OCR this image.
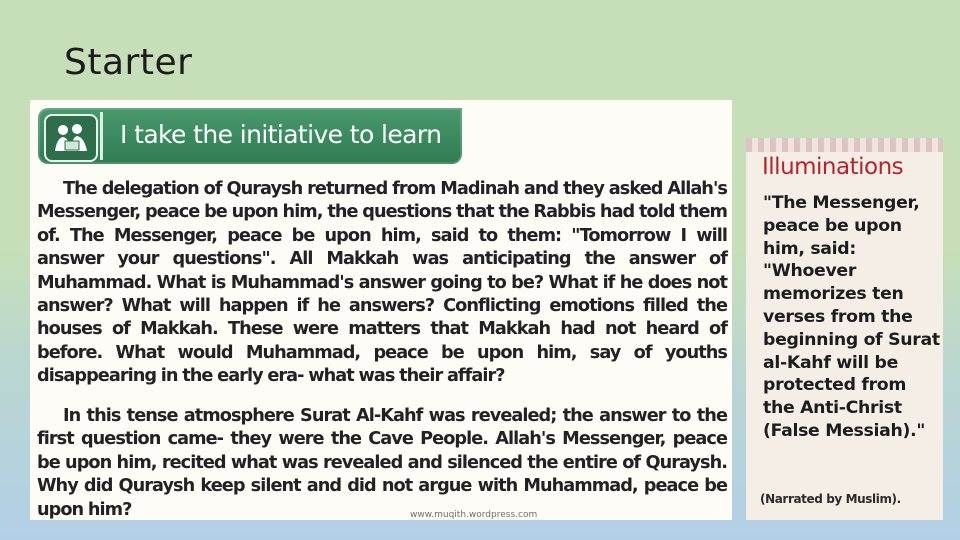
Starter
I take the initiative to learn

The delegation of Quraysh returned from Madinah and they asked Allah's Messenger, peace be upon him, the questions that the Rabbis had told them of. The Messenger, peace be upon him, said to them: "Tomorrow I will answer your questions". All Makkah was anticipating the answer of Muhammad. What is Muhammad's answer going to be? What if he does not answer? What will happen if he answers? Conflicting emotions filled the houses of Makkah. These were matters that Makkah had not heard of before. What would Muhammad, peace be upon him, say of youths disappearing in the early era- what was their affair?

In this tense atmosphere Surat Al-Kahf was revealed; the answer to the first question came- they were the Cave People. Allah's Messenger, peace be upon him, recited what was revealed and silenced the entire of Quraysh. Why did Quraysh keep silent and did not argue with Muhammad, peace be upon him?	www.muqith.wordpress.com
Illuminations

"The Messenger, peace be upon him, said: "Whoever memorizes ten verses from the beginning of Surat al-Kahf will be protected from the Anti-Christ (False Messiah)."

(Narrated by Muslim).
